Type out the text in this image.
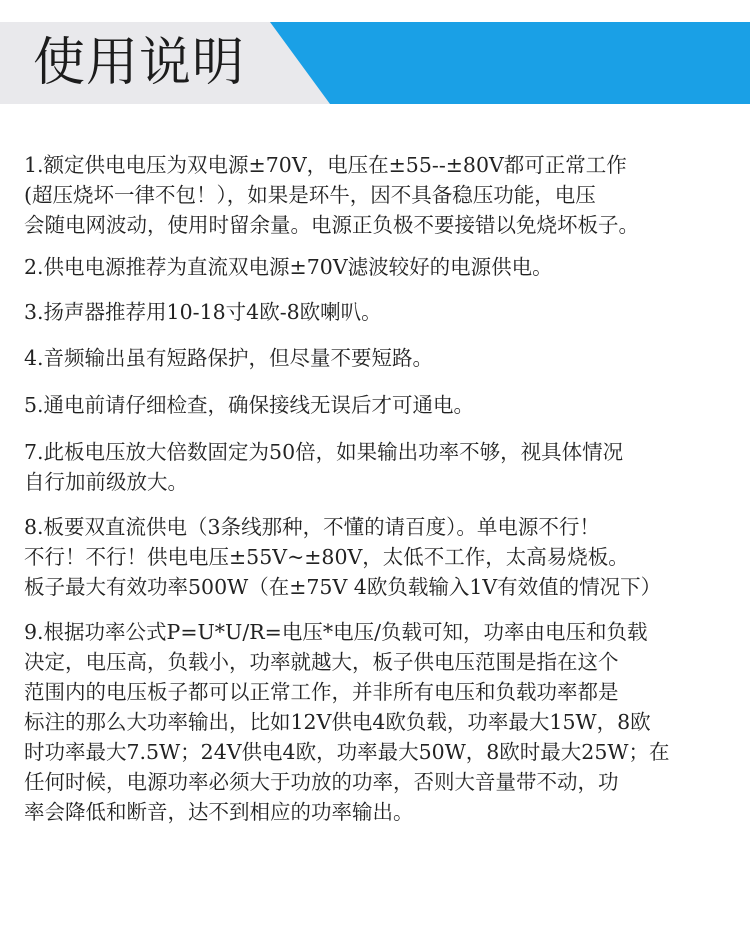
使用说明

1.额定供电电压为双电源±70V，电压在±55--±80V都可正常工作
(超压烧坏一律不包！），如果是环牛，因不具备稳压功能，电压
会随电网波动，使用时留余量。电源正负极不要接错以免烧坏板子。

2.供电电源推荐为直流双电源±70V滤波较好的电源供电。

3.扬声器推荐用10-18寸4欧-8欧喇叭。

4.音频输出虽有短路保护，但尽量不要短路。

5.通电前请仔细检查，确保接线无误后才可通电。

7.此板电压放大倍数固定为50倍，如果输出功率不够，视具体情况
自行加前级放大。

8.板要双直流供电（3条线那种，不懂的请百度）。单电源不行！
不行！不行！供电电压±55V~±80V，太低不工作，太高易烧板。
板子最大有效功率500W（在±75V 4欧负载输入1V有效值的情况下）

9.根据功率公式P=U*U/R=电压*电压/负载可知，功率由电压和负载
决定，电压高，负载小，功率就越大，板子供电压范围是指在这个
范围内的电压板子都可以正常工作，并非所有电压和负载功率都是
标注的那么大功率输出，比如12V供电4欧负载，功率最大15W，8欧
时功率最大7.5W；24V供电4欧，功率最大50W，8欧时最大25W；在
任何时候，电源功率必须大于功放的功率，否则大音量带不动，功
率会降低和断音，达不到相应的功率输出。
